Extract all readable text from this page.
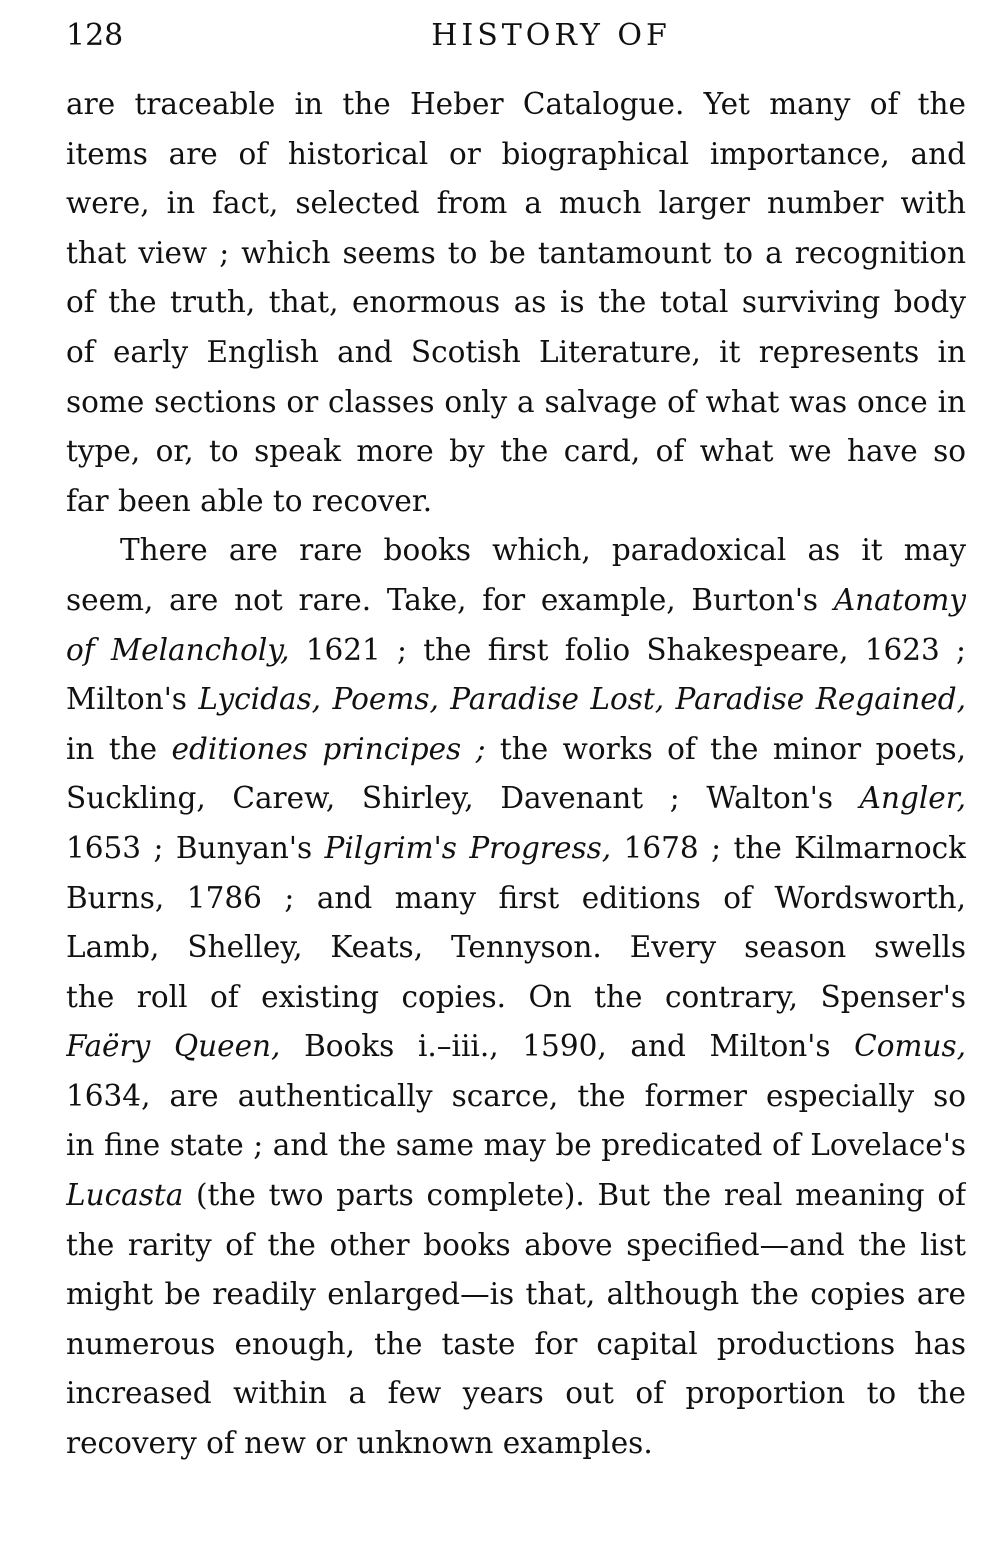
128	HISTORY OF
are traceable in the Heber Catalogue. Yet many of the
items are of historical or biographical importance, and
were, in fact, selected from a much larger number with
that view ; which seems to be tantamount to a recognition
of the truth, that, enormous as is the total surviving body
of early English and Scotish Literature, it represents in
some sections or classes only a salvage of what was once in
type, or, to speak more by the card, of what we have so
far been able to recover.
There are rare books which, paradoxical as it may
seem, are not rare. Take, for example, Burton's Anatomy
of Melancholy, 1621 ; the first folio Shakespeare, 1623 ;
Milton's Lycidas, Poems, Paradise Lost, Paradise Regained,
in the editiones principes ; the works of the minor poets,
Suckling, Carew, Shirley, Davenant ; Walton's Angler,
1653 ; Bunyan's Pilgrim's Progress, 1678 ; the Kilmarnock
Burns, 1786 ; and many first editions of Wordsworth,
Lamb, Shelley, Keats, Tennyson. Every season swells
the roll of existing copies. On the contrary, Spenser's
Faëry Queen, Books i.–iii., 1590, and Milton's Comus,
1634, are authentically scarce, the former especially so
in fine state ; and the same may be predicated of Lovelace's
Lucasta (the two parts complete). But the real meaning of
the rarity of the other books above specified—and the list
might be readily enlarged—is that, although the copies are
numerous enough, the taste for capital productions has
increased within a few years out of proportion to the
recovery of new or unknown examples.
